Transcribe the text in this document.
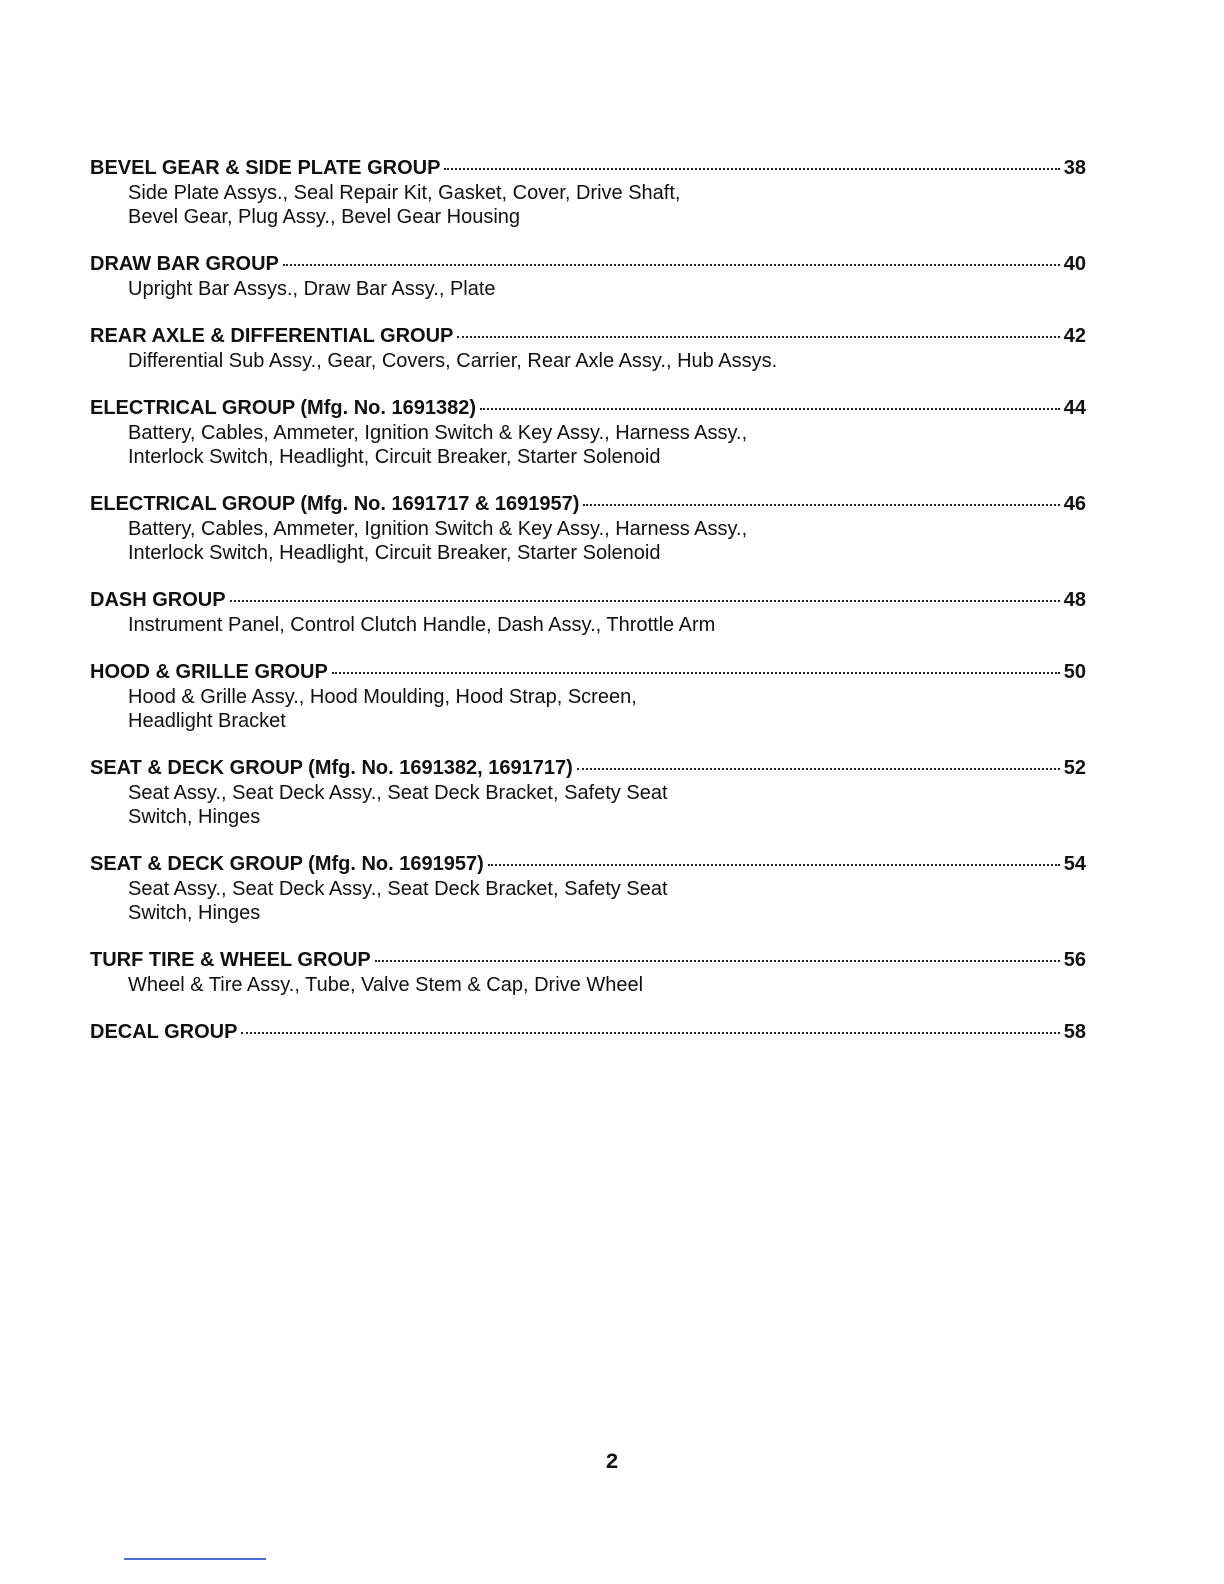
BEVEL GEAR & SIDE PLATE GROUP	38
Side Plate Assys., Seal Repair Kit, Gasket, Cover, Drive Shaft,
Bevel Gear, Plug Assy., Bevel Gear Housing
DRAW BAR GROUP	40
Upright Bar Assys., Draw Bar Assy., Plate
REAR AXLE & DIFFERENTIAL GROUP	42
Differential Sub Assy., Gear, Covers, Carrier, Rear Axle Assy., Hub Assys.
ELECTRICAL GROUP (Mfg. No. 1691382)	44
Battery, Cables, Ammeter, Ignition Switch & Key Assy., Harness Assy.,
Interlock Switch, Headlight, Circuit Breaker, Starter Solenoid
ELECTRICAL GROUP (Mfg. No. 1691717 & 1691957)	46
Battery, Cables, Ammeter, Ignition Switch & Key Assy., Harness Assy.,
Interlock Switch, Headlight, Circuit Breaker, Starter Solenoid
DASH GROUP	48
Instrument Panel, Control Clutch Handle, Dash Assy., Throttle Arm
HOOD & GRILLE GROUP	50
Hood & Grille Assy., Hood Moulding, Hood Strap, Screen,
Headlight Bracket
SEAT & DECK GROUP (Mfg. No. 1691382, 1691717)	52
Seat Assy., Seat Deck Assy., Seat Deck Bracket, Safety Seat
Switch, Hinges
SEAT & DECK GROUP (Mfg. No. 1691957)	54
Seat Assy., Seat Deck Assy., Seat Deck Bracket, Safety Seat
Switch, Hinges
TURF TIRE & WHEEL GROUP	56
Wheel & Tire Assy., Tube, Valve Stem & Cap, Drive Wheel
DECAL GROUP	58
2
